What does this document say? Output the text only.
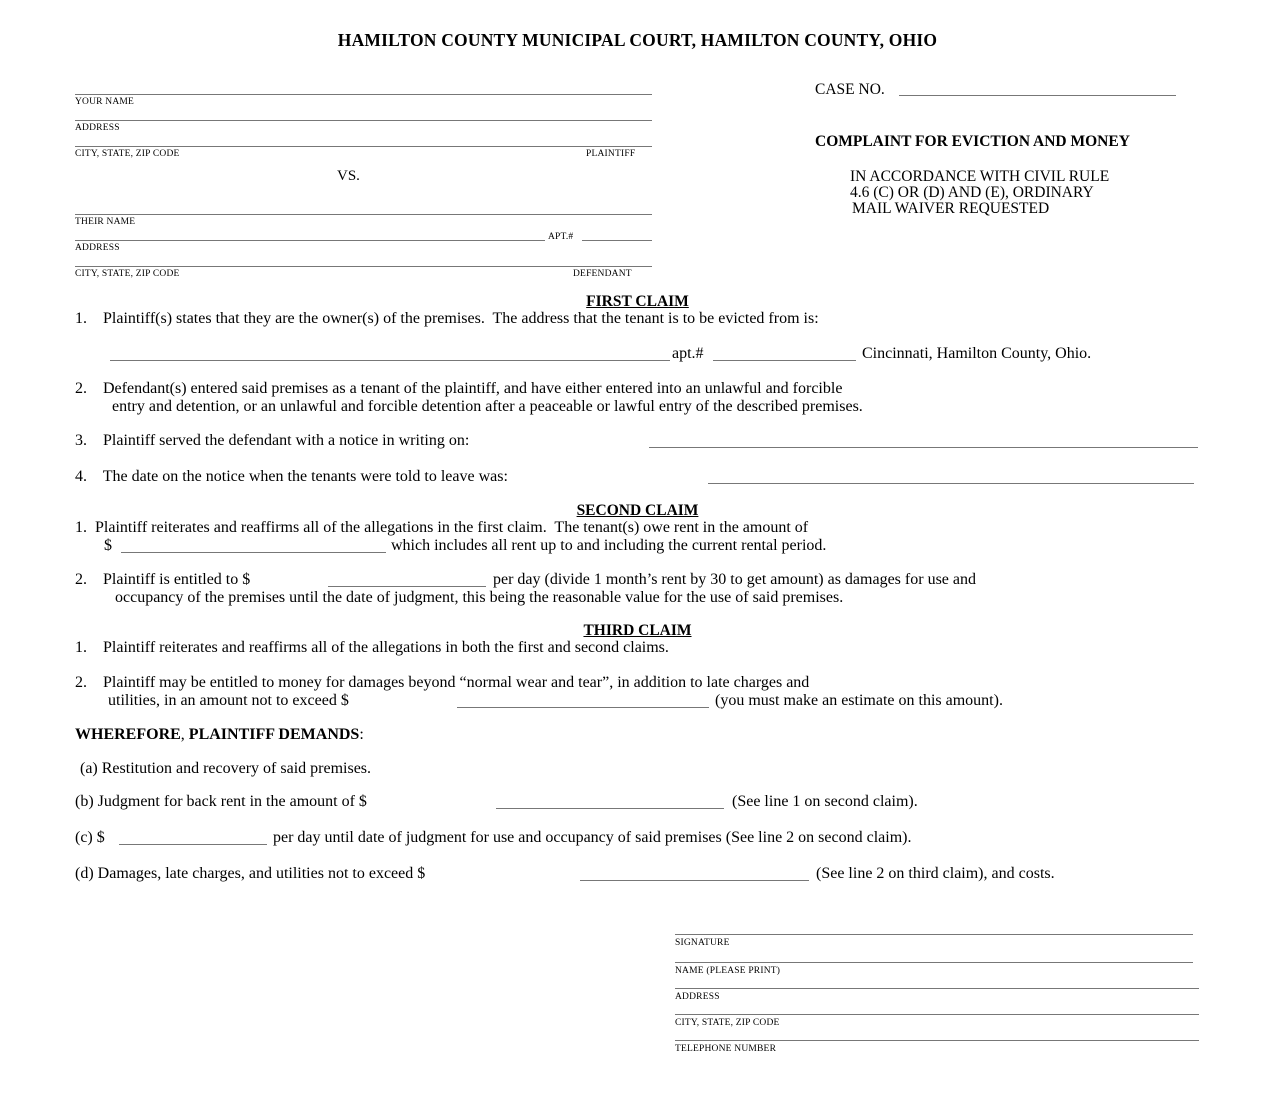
HAMILTON COUNTY MUNICIPAL COURT, HAMILTON COUNTY, OHIO
YOUR NAME
ADDRESS
CITY, STATE, ZIP CODE	PLAINTIFF
VS.
THEIR NAME
APT.#
ADDRESS
CITY, STATE, ZIP CODE	DEFENDANT
CASE NO.
COMPLAINT FOR EVICTION AND MONEY
IN ACCORDANCE WITH CIVIL RULE
4.6 (C) OR (D) AND (E), ORDINARY
MAIL WAIVER REQUESTED
FIRST CLAIM
1.    Plaintiff(s) states that they are the owner(s) of the premises.  The address that the tenant is to be evicted from is:
apt.#	Cincinnati, Hamilton County, Ohio.
2.    Defendant(s) entered said premises as a tenant of the plaintiff, and have either entered into an unlawful and forcible
entry and detention, or an unlawful and forcible detention after a peaceable or lawful entry of the described premises.
3.    Plaintiff served the defendant with a notice in writing on:
4.    The date on the notice when the tenants were told to leave was:
SECOND CLAIM
1.  Plaintiff reiterates and reaffirms all of the allegations in the first claim.  The tenant(s) owe rent in the amount of
$	which includes all rent up to and including the current rental period.
2.    Plaintiff is entitled to $	per day (divide 1 month’s rent by 30 to get amount) as damages for use and
occupancy of the premises until the date of judgment, this being the reasonable value for the use of said premises.
THIRD CLAIM
1.    Plaintiff reiterates and reaffirms all of the allegations in both the first and second claims.
2.    Plaintiff may be entitled to money for damages beyond “normal wear and tear”, in addition to late charges and
utilities, in an amount not to exceed $	(you must make an estimate on this amount).
WHEREFORE, PLAINTIFF DEMANDS:
(a) Restitution and recovery of said premises.
(b) Judgment for back rent in the amount of $	(See line 1 on second claim).
(c) $	per day until date of judgment for use and occupancy of said premises (See line 2 on second claim).
(d) Damages, late charges, and utilities not to exceed $	(See line 2 on third claim), and costs.
SIGNATURE
NAME (PLEASE PRINT)
ADDRESS
CITY, STATE, ZIP CODE
TELEPHONE NUMBER
